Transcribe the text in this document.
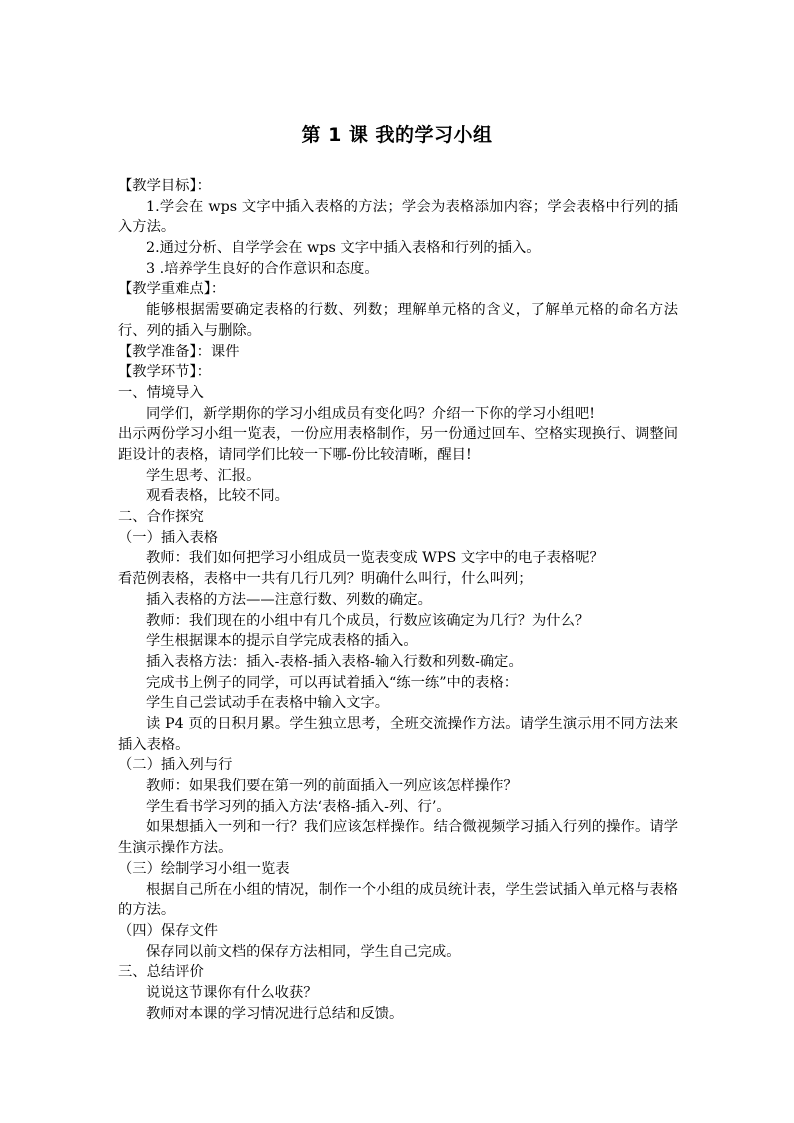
第 1 课 我的学习小组
【教学目标】：
1.学会在 wps 文字中插入表格的方法；学会为表格添加内容；学会表格中行列的插入方法。
2.通过分析、自学学会在 wps 文字中插入表格和行列的插入。
3 .培养学生良好的合作意识和态度。
【教学重难点】：
能够根据需要确定表格的行数、列数；理解单元格的含义，了解单元格的命名方法行、列的插入与删除。
【教学准备】：课件
【教学环节】：
一、情境导入
同学们，新学期你的学习小组成员有变化吗？介绍一下你的学习小组吧!
出示两份学习小组一览表，一份应用表格制作，另一份通过回车、空格实现换行、调整间距设计的表格，请同学们比较一下哪-份比较清晰，醒目!
学生思考、汇报。
观看表格，比较不同。
二、合作探究
（一）插入表格
教师：我们如何把学习小组成员一览表变成 WPS 文字中的电子表格呢？
看范例表格，表格中一共有几行几列？明确什么叫行，什么叫列；
插入表格的方法——注意行数、列数的确定。
教师：我们现在的小组中有几个成员，行数应该确定为几行？为什么？
学生根据课本的提示自学完成表格的插入。
插入表格方法：插入-表格-插入表格-输入行数和列数-确定。
完成书上例子的同学，可以再试着插入“练一练”中的表格：
学生自己尝试动手在表格中输入文字。
读 P4 页的日积月累。学生独立思考，全班交流操作方法。请学生演示用不同方法来插入表格。
（二）插入列与行
教师：如果我们要在第一列的前面插入一列应该怎样操作？
学生看书学习列的插入方法‘表格-插入-列、行’。
如果想插入一列和一行？我们应该怎样操作。结合微视频学习插入行列的操作。请学生演示操作方法。
（三）绘制学习小组一览表
根据自己所在小组的情况，制作一个小组的成员统计表，学生尝试插入单元格与表格的方法。
（四）保存文件
保存同以前文档的保存方法相同，学生自己完成。
三、总结评价
说说这节课你有什么收获？
教师对本课的学习情况进行总结和反馈。
